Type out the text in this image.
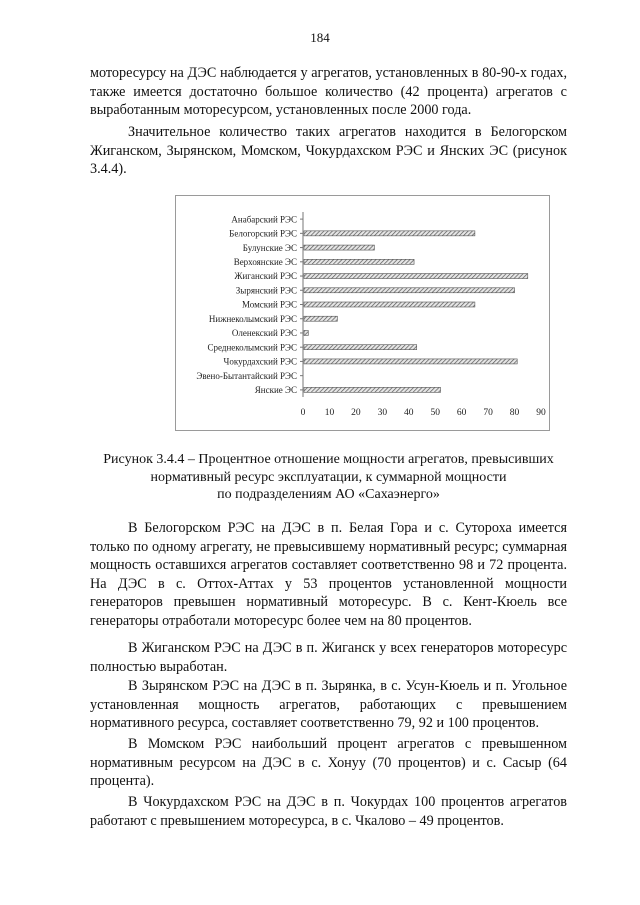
184

моторесурсу на ДЭС наблюдается у агрегатов, установленных в 80-90-х годах, также имеется достаточно большое количество (42 процента) агрегатов с выработанным моторесурсом, установленных после 2000 года.

Значительное количество таких агрегатов находится в Белогорском Жиганском, Зырянском, Момском, Чокурдахском РЭС и Янских ЭС (рисунок 3.4.4).

Анабарский РЭС
Белогорский РЭС
Булунские ЭС
Верхоянские ЭС
Жиганский РЭС
Зырянский РЭС
Момский РЭС
Нижнеколымский РЭС
Оленекский РЭС
Среднеколымский РЭС
Чокурдахский РЭС
Эвено-Бытантайский РЭС
Янские ЭС
0 10 20 30 40 50 60 70 80 90

Рисунок 3.4.4 – Процентное отношение мощности агрегатов, превысивших
нормативный ресурс эксплуатации, к суммарной мощности
по подразделениям АО «Сахаэнерго»

В Белогорском РЭС на ДЭС в п. Белая Гора и с. Сутороха имеется только по одному агрегату, не превысившему нормативный ресурс; суммарная мощность оставшихся агрегатов составляет соответственно 98 и 72 процента. На ДЭС в с. Оттох-Аттах у 53 процентов установленной мощности генераторов превышен нормативный моторесурс. В с. Кент-Кюель все генераторы отработали моторесурс более чем на 80 процентов.

В Жиганском РЭС на ДЭС в п. Жиганск у всех генераторов моторесурс полностью выработан.

В Зырянском РЭС на ДЭС в п. Зырянка, в с. Усун-Кюель и п. Угольное установленная мощность агрегатов, работающих с превышением нормативного ресурса, составляет соответственно 79, 92 и 100 процентов.

В Момском РЭС наибольший процент агрегатов с превышенном нормативным ресурсом на ДЭС в с. Хонуу (70 процентов) и с. Сасыр (64 процента).

В Чокурдахском РЭС на ДЭС в п. Чокурдах 100 процентов агрегатов работают с превышением моторесурса, в с. Чкалово – 49 процентов.
